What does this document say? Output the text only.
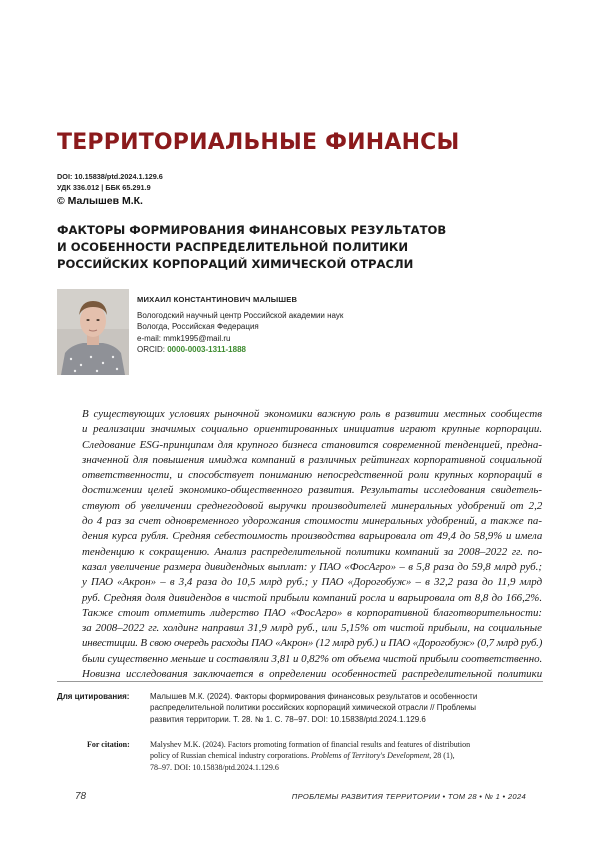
ТЕРРИТОРИАЛЬНЫЕ ФИНАНСЫ
DOI: 10.15838/ptd.2024.1.129.6
УДК 336.012 | ББК 65.291.9
© Малышев М.К.
ФАКТОРЫ ФОРМИРОВАНИЯ ФИНАНСОВЫХ РЕЗУЛЬТАТОВ
И ОСОБЕННОСТИ РАСПРЕДЕЛИТЕЛЬНОЙ ПОЛИТИКИ
РОССИЙСКИХ КОРПОРАЦИЙ ХИМИЧЕСКОЙ ОТРАСЛИ
МИХАИЛ КОНСТАНТИНОВИЧ МАЛЫШЕВ
Вологодский научный центр Российской академии наук
Вологда, Российская Федерация
e-mail: mmk1995@mail.ru
ORCID: 0000-0003-1311-1888
В существующих условиях рыночной экономики важную роль в развитии местных сообществ
и реализации значимых социально ориентированных инициатив играют крупные корпорации.
Следование ESG-принципам для крупного бизнеса становится современной тенденцией, предна-
значенной для повышения имиджа компаний в различных рейтингах корпоративной социальной
ответственности, и способствует пониманию непосредственной роли крупных корпораций в
достижении целей экономико-общественного развития. Результаты исследования свидетель-
ствуют об увеличении среднегодовой выручки производителей минеральных удобрений от 2,2
до 4 раз за счет одновременного удорожания стоимости минеральных удобрений, а также па-
дения курса рубля. Средняя себестоимость производства варьировала от 49,4 до 58,9% и имела
тенденцию к сокращению. Анализ распределительной политики компаний за 2008–2022 гг. по-
казал увеличение размера дивидендных выплат: у ПАО «ФосАгро» – в 5,8 раза до 59,8 млрд руб.;
у ПАО «Акрон» – в 3,4 раза до 10,5 млрд руб.; у ПАО «Дорогобуж» – в 32,2 раза до 11,9 млрд
руб. Средняя доля дивидендов в чистой прибыли компаний росла и варьировала от 8,8 до 166,2%.
Также стоит отметить лидерство ПАО «ФосАгро» в корпоративной благотворительности:
за 2008–2022 гг. холдинг направил 31,9 млрд руб., или 5,15% от чистой прибыли, на социальные
инвестиции. В свою очередь расходы ПАО «Акрон» (12 млрд руб.) и ПАО «Дорогобуж» (0,7 млрд руб.)
были существенно меньше и составляли 3,81 и 0,82% от объема чистой прибыли соответственно.
Новизна исследования заключается в определении особенностей распределительной политики
Для цитирования:	Малышев М.К. (2024). Факторы формирования финансовых результатов и особенности
распределительной политики российских корпораций химической отрасли // Проблемы
развития территории. Т. 28. № 1. С. 78–97. DOI: 10.15838/ptd.2024.1.129.6
For citation:	Malyshev M.K. (2024). Factors promoting formation of financial results and features of distribution
policy of Russian chemical industry corporations. Problems of Territory's Development, 28 (1),
78–97. DOI: 10.15838/ptd.2024.1.129.6
78	ПРОБЛЕМЫ РАЗВИТИЯ ТЕРРИТОРИИ • ТОМ 28 • № 1 • 2024
